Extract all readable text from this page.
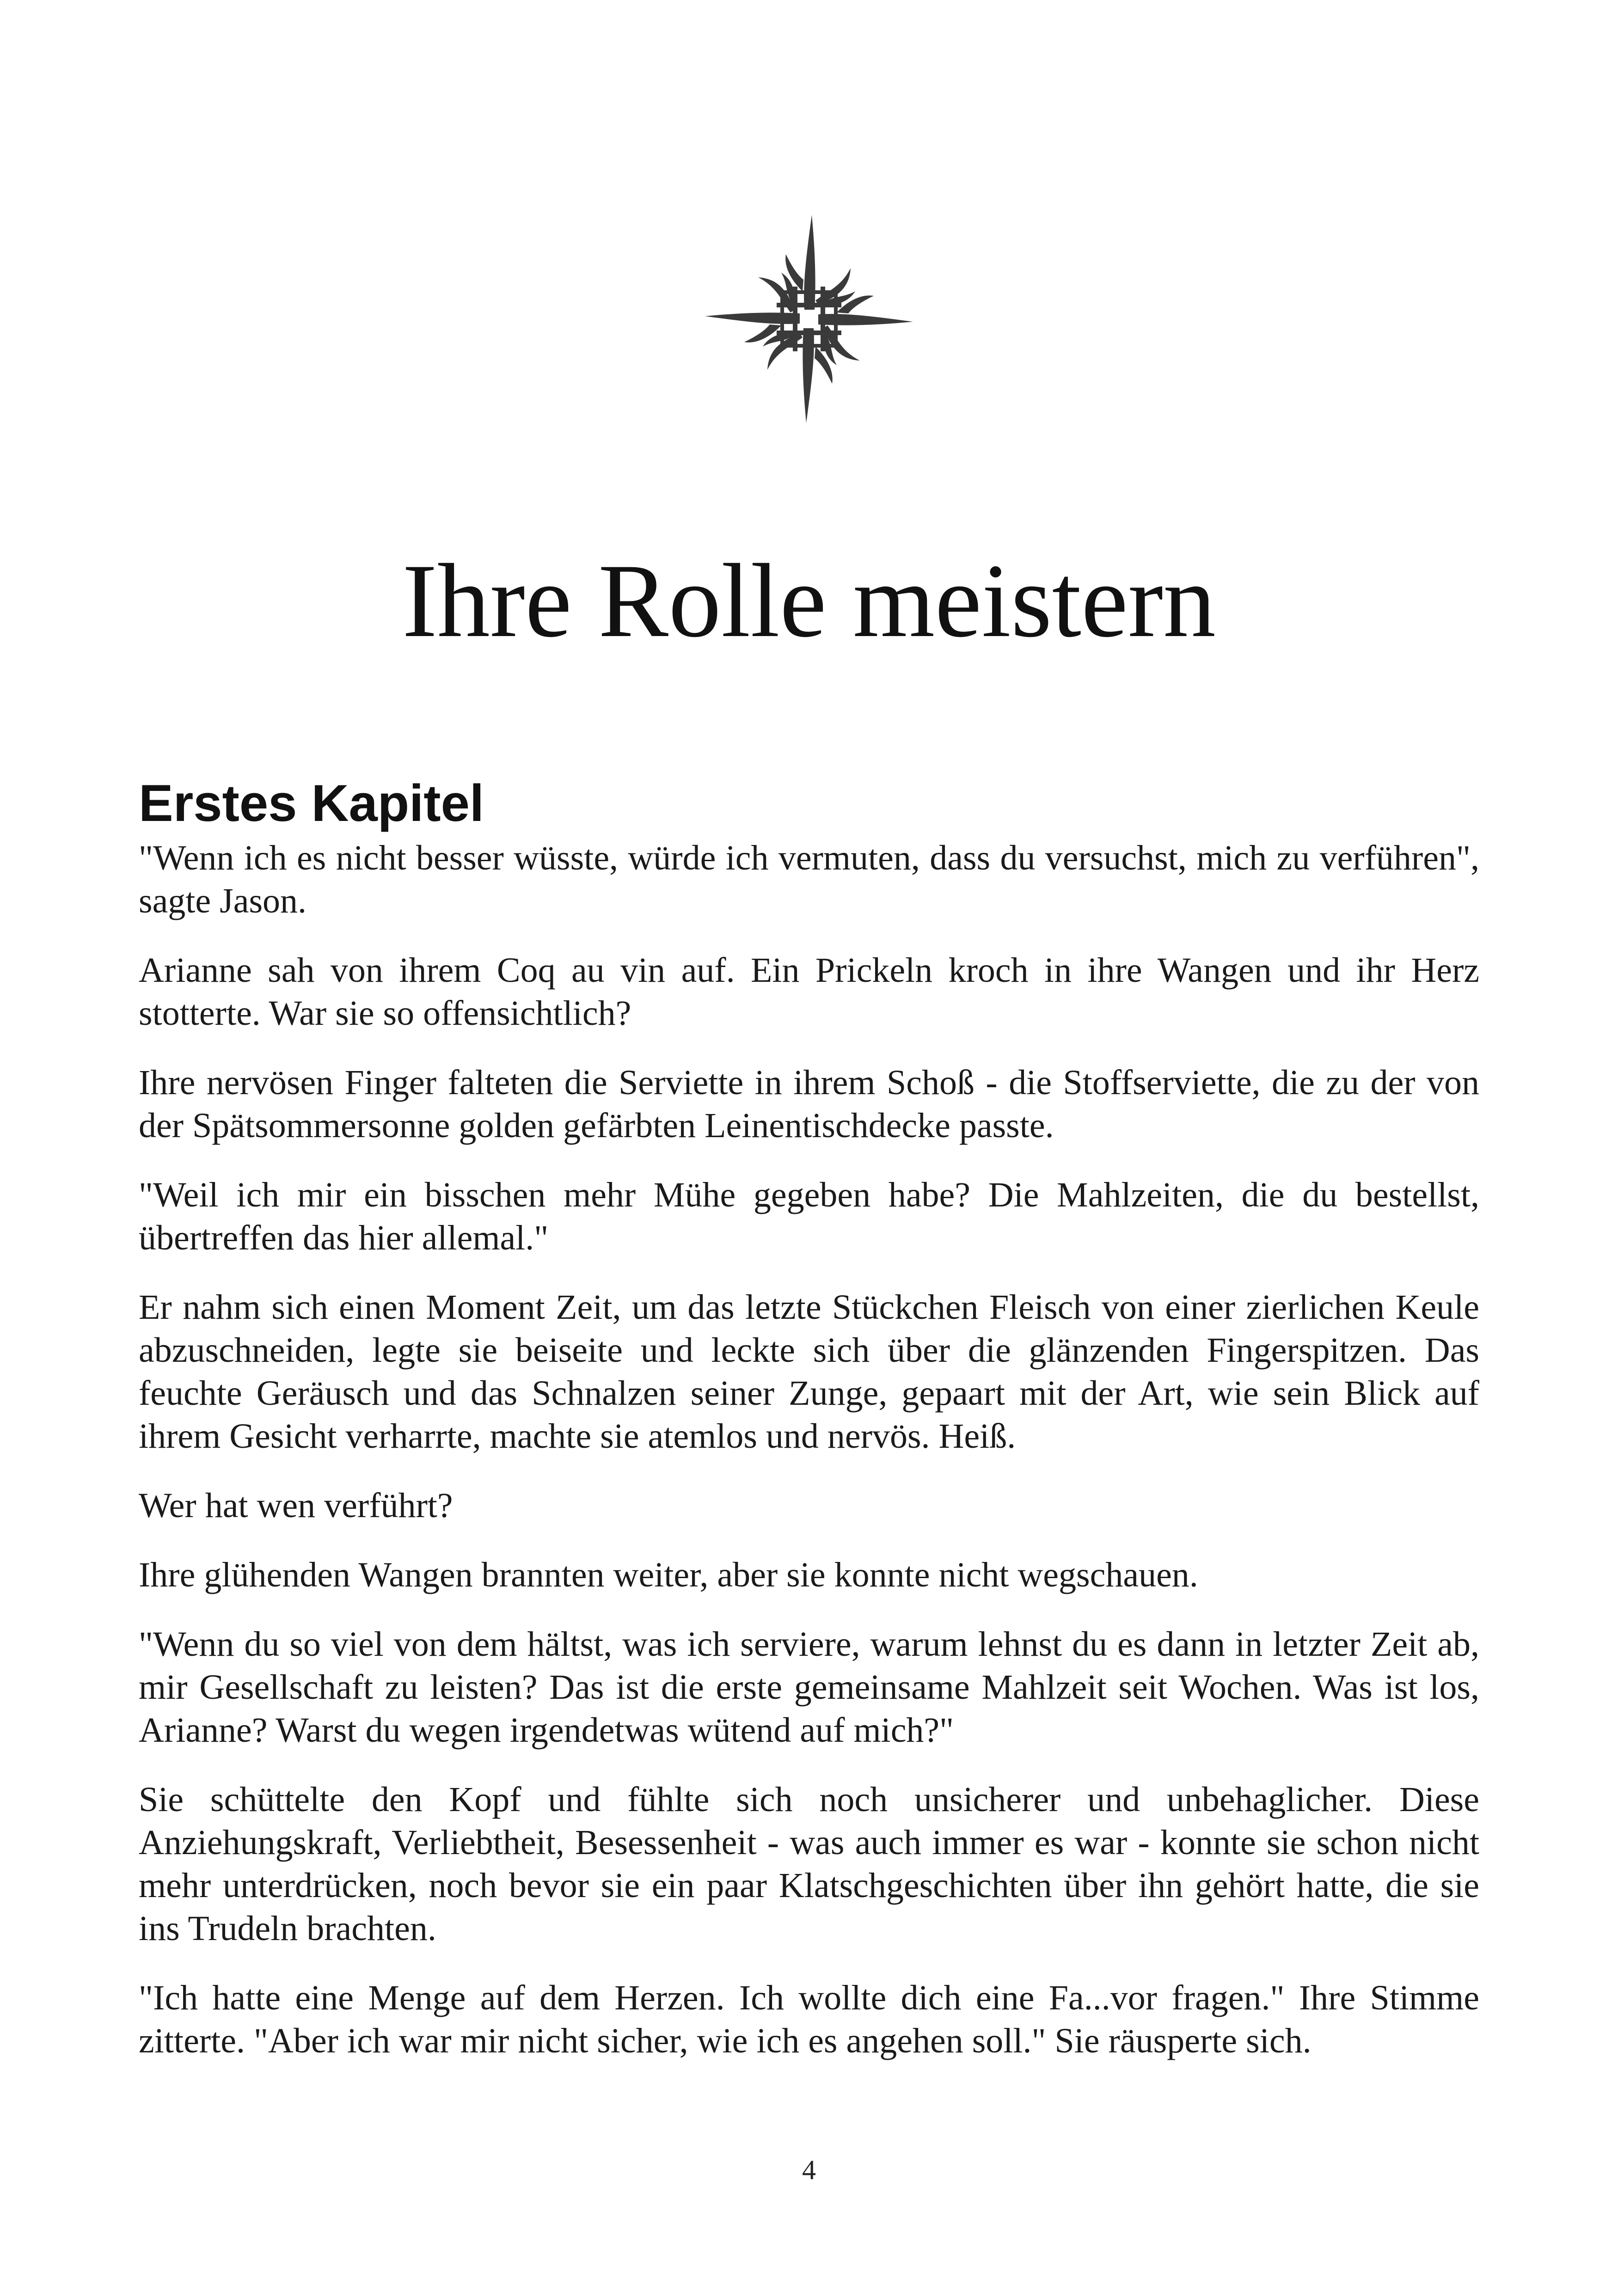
Ihre Rolle meistern
Erstes Kapitel

"Wenn ich es nicht besser wüsste, würde ich vermuten, dass du versuchst, mich zu verführen", sagte Jason.

Arianne sah von ihrem Coq au vin auf. Ein Prickeln kroch in ihre Wangen und ihr Herz stotterte. War sie so offensichtlich?

Ihre nervösen Finger falteten die Serviette in ihrem Schoß - die Stoffserviette, die zu der von der Spätsommersonne golden gefärbten Leinentischdecke passte.

"Weil ich mir ein bisschen mehr Mühe gegeben habe? Die Mahlzeiten, die du bestellst, übertreffen das hier allemal."

Er nahm sich einen Moment Zeit, um das letzte Stückchen Fleisch von einer zierlichen Keule abzuschneiden, legte sie beiseite und leckte sich über die glänzenden Fingerspitzen. Das feuchte Geräusch und das Schnalzen seiner Zunge, gepaart mit der Art, wie sein Blick auf ihrem Gesicht verharrte, machte sie atemlos und nervös. Heiß.

Wer hat wen verführt?

Ihre glühenden Wangen brannten weiter, aber sie konnte nicht wegschauen.

"Wenn du so viel von dem hältst, was ich serviere, warum lehnst du es dann in letzter Zeit ab, mir Gesellschaft zu leisten? Das ist die erste gemeinsame Mahlzeit seit Wochen. Was ist los, Arianne? Warst du wegen irgendetwas wütend auf mich?"

Sie schüttelte den Kopf und fühlte sich noch unsicherer und unbehaglicher. Diese Anziehungskraft, Verliebtheit, Besessenheit - was auch immer es war - konnte sie schon nicht mehr unterdrücken, noch bevor sie ein paar Klatschgeschichten über ihn gehört hatte, die sie ins Trudeln brachten.

"Ich hatte eine Menge auf dem Herzen. Ich wollte dich eine Fa...vor fragen." Ihre Stimme zitterte. "Aber ich war mir nicht sicher, wie ich es angehen soll." Sie räusperte sich.

4
